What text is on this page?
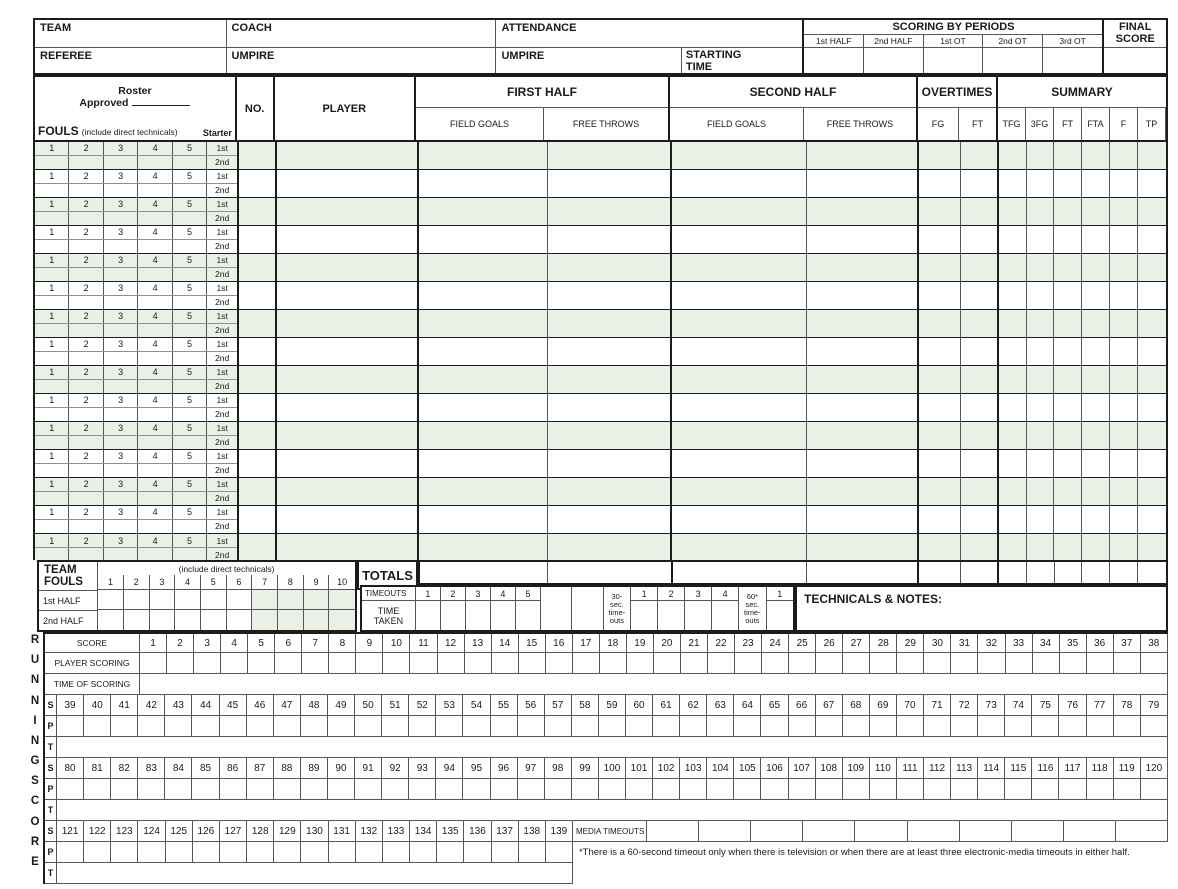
TEAM
REFEREE
COACH
UMPIRE
ATTENDANCE
UMPIRE	STARTING TIME
SCORING BY PERIODS
1st HALF	2nd HALF	1st OT	2nd OT	3rd OT
FINAL SCORE
Roster
Approved
FOULS (include direct technicals)	Starter
NO.	PLAYER
FIRST HALF
FIELD GOALS	FREE THROWS
SECOND HALF
FIELD GOALS	FREE THROWS
OVERTIMES
FG	FT
SUMMARY
TFG	3FG	FT	FTA	F	TP
1	2	3	4	5	1st
2nd
1	2	3	4	5	1st
2nd
1	2	3	4	5	1st
2nd
1	2	3	4	5	1st
2nd
1	2	3	4	5	1st
2nd
1	2	3	4	5	1st
2nd
1	2	3	4	5	1st
2nd
1	2	3	4	5	1st
2nd
1	2	3	4	5	1st
2nd
1	2	3	4	5	1st
2nd
1	2	3	4	5	1st
2nd
1	2	3	4	5	1st
2nd
1	2	3	4	5	1st
2nd
1	2	3	4	5	1st
2nd
1	2	3	4	5	1st
2nd
TEAM FOULS
1st HALF
2nd HALF
(include direct technicals)
1	2	3	4	5	6	7	8	9	10	TOTALS
TIMEOUTS
TIME TAKEN
1	2	3	4	5	30- sec. time- outs
1	2	3	4	60* sec. time- outs
1	TECHNICALS & NOTES:
R
U
N
N
I
N
G
S
C
O
R
E
SCORE	1	2	3	4	5	6	7	8	9	10	11	12	13	14	15	16	17	18	19	20	21	22	23	24	25	26	27	28	29	30	31	32	33	34	35	36	37	38
PLAYER SCORING
TIME OF SCORING
S	39	40	41	42	43	44	45	46	47	48	49	50	51	52	53	54	55	56	57	58	59	60	61	62	63	64	65	66	67	68	69	70	71	72	73	74	75	76	77	78	79
P
T
S	80	81	82	83	84	85	86	87	88	89	90	91	92	93	94	95	96	97	98	99	100	101	102	103	104	105	106	107	108	109	110	111	112	113	114	115	116	117	118	119	120
P
T
S 121	122	123	124	125	126	127	128	129	130	131	132	133	134	135	136	137	138	139	MEDIA TIMEOUTS
P	*There is a 60-second timeout only when there is television or when there are at least three electronic-media timeouts in either half.
T
